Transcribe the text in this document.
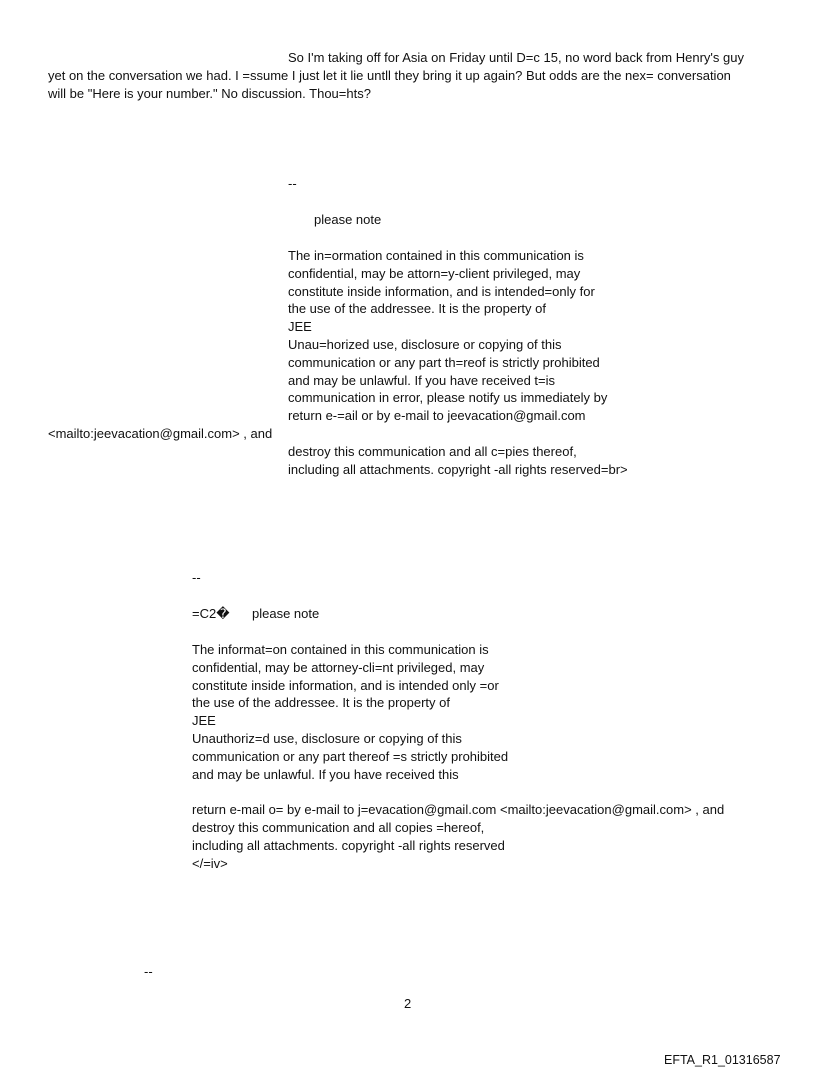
So I'm taking off for Asia on Friday until D=c 15, no word back from Henry's guy
yet on the conversation we had. I =ssume I just let it lie untll they bring it up again? But odds are the nex= conversation
will be "Here is your number." No discussion. Thou=hts?
--
please note
The in=ormation contained in this communication is
confidential, may be attorn=y-client privileged, may
constitute inside information, and is intended=only for
the use of the addressee. It is the property of
JEE
Unau=horized use, disclosure or copying of this
communication or any part th=reof is strictly prohibited
and may be unlawful. If you have received t=is
communication in error, please notify us immediately by
return e-=ail or by e-mail to jeevacation@gmail.com
<mailto:jeevacation@gmail.com> , and
destroy this communication and all c=pies thereof,
including all attachments. copyright -all rights reserved=br>
--
=C2� please note
The informat=on contained in this communication is
confidential, may be attorney-cli=nt privileged, may
constitute inside information, and is intended only =or
the use of the addressee. It is the property of
JEE
Unauthoriz=d use, disclosure or copying of this
communication or any part thereof =s strictly prohibited
and may be unlawful. If you have received this
return e-mail o= by e-mail to j=evacation@gmail.com <mailto:jeevacation@gmail.com> , and
destroy this communication and all copies =hereof,
including all attachments. copyright -all rights reserved
</=iv>
--
2
EFTA_R1_01316587
